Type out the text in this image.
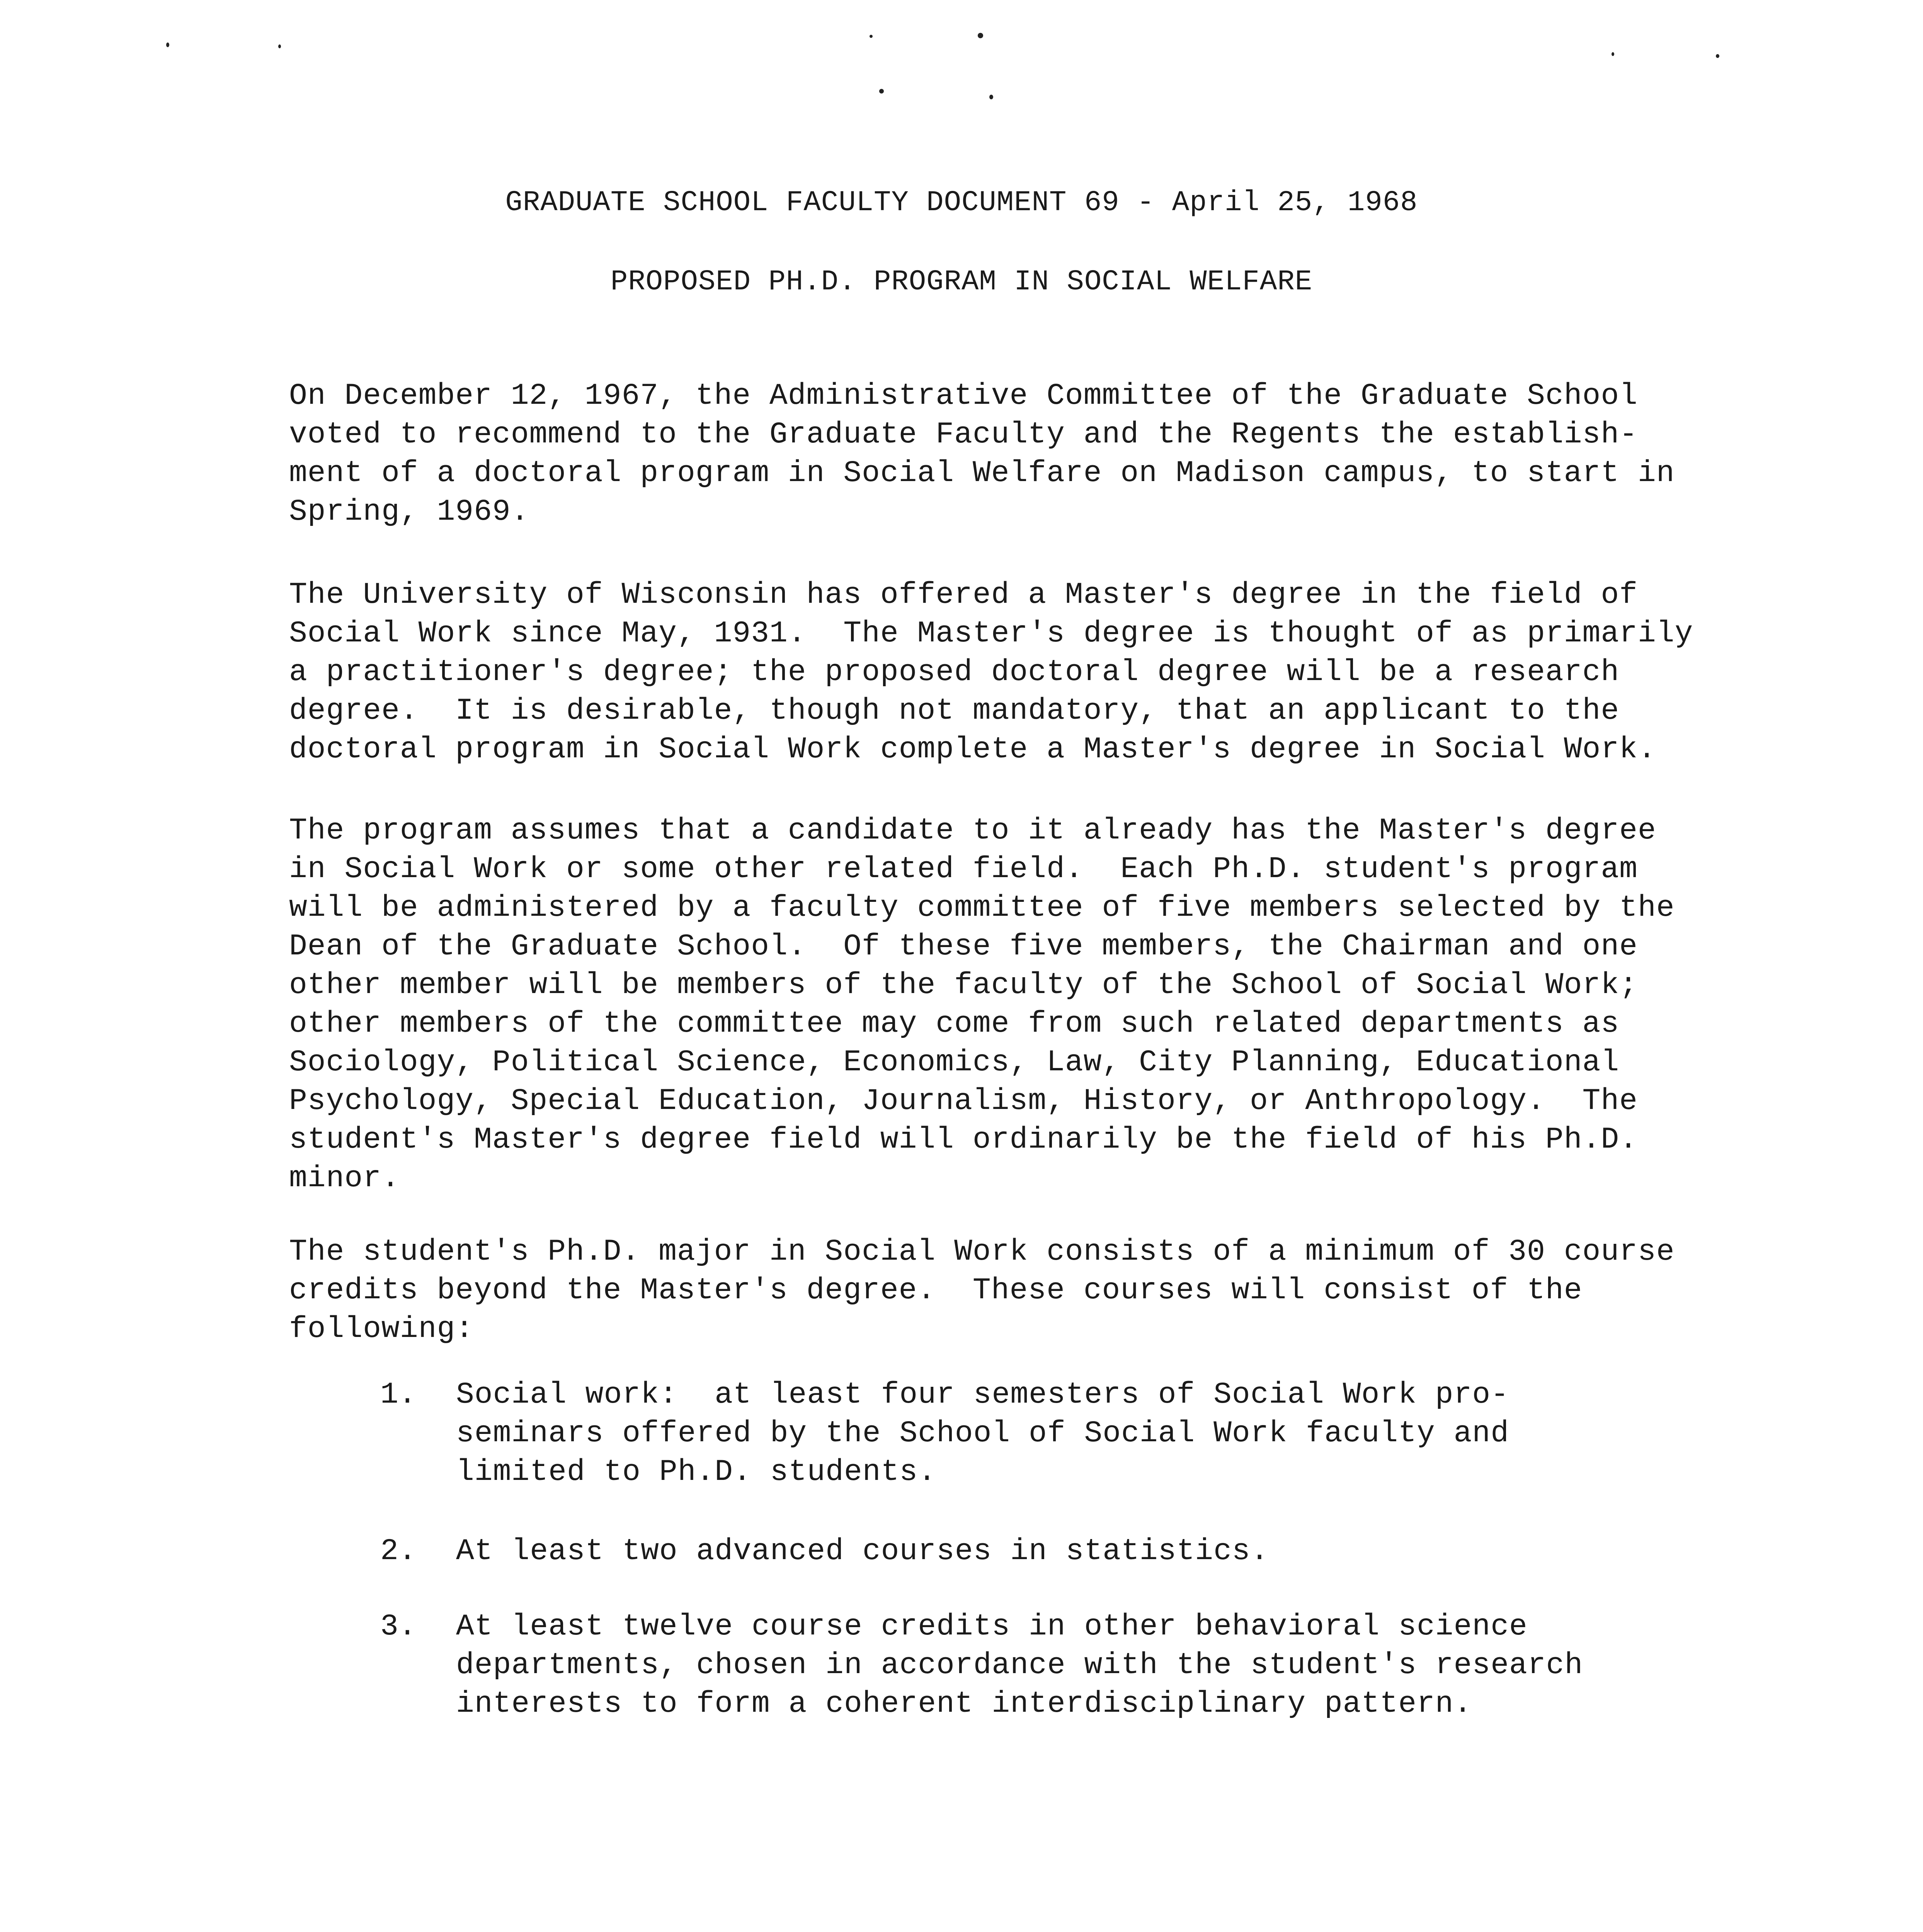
GRADUATE SCHOOL FACULTY DOCUMENT 69 - April 25, 1968
PROPOSED PH.D. PROGRAM IN SOCIAL WELFARE

On December 12, 1967, the Administrative Committee of the Graduate School
voted to recommend to the Graduate Faculty and the Regents the establish-
ment of a doctoral program in Social Welfare on Madison campus, to start in
Spring, 1969.

The University of Wisconsin has offered a Master's degree in the field of
Social Work since May, 1931.  The Master's degree is thought of as primarily
a practitioner's degree; the proposed doctoral degree will be a research
degree.  It is desirable, though not mandatory, that an applicant to the
doctoral program in Social Work complete a Master's degree in Social Work.

The program assumes that a candidate to it already has the Master's degree
in Social Work or some other related field.  Each Ph.D. student's program
will be administered by a faculty committee of five members selected by the
Dean of the Graduate School.  Of these five members, the Chairman and one
other member will be members of the faculty of the School of Social Work;
other members of the committee may come from such related departments as
Sociology, Political Science, Economics, Law, City Planning, Educational
Psychology, Special Education, Journalism, History, or Anthropology.  The
student's Master's degree field will ordinarily be the field of his Ph.D.
minor.

The student's Ph.D. major in Social Work consists of a minimum of 30 course
credits beyond the Master's degree.  These courses will consist of the
following:

1. Social work:  at least four semesters of Social Work pro-
seminars offered by the School of Social Work faculty and
limited to Ph.D. students.
2. At least two advanced courses in statistics.
3. At least twelve course credits in other behavioral science
departments, chosen in accordance with the student's research
interests to form a coherent interdisciplinary pattern.
